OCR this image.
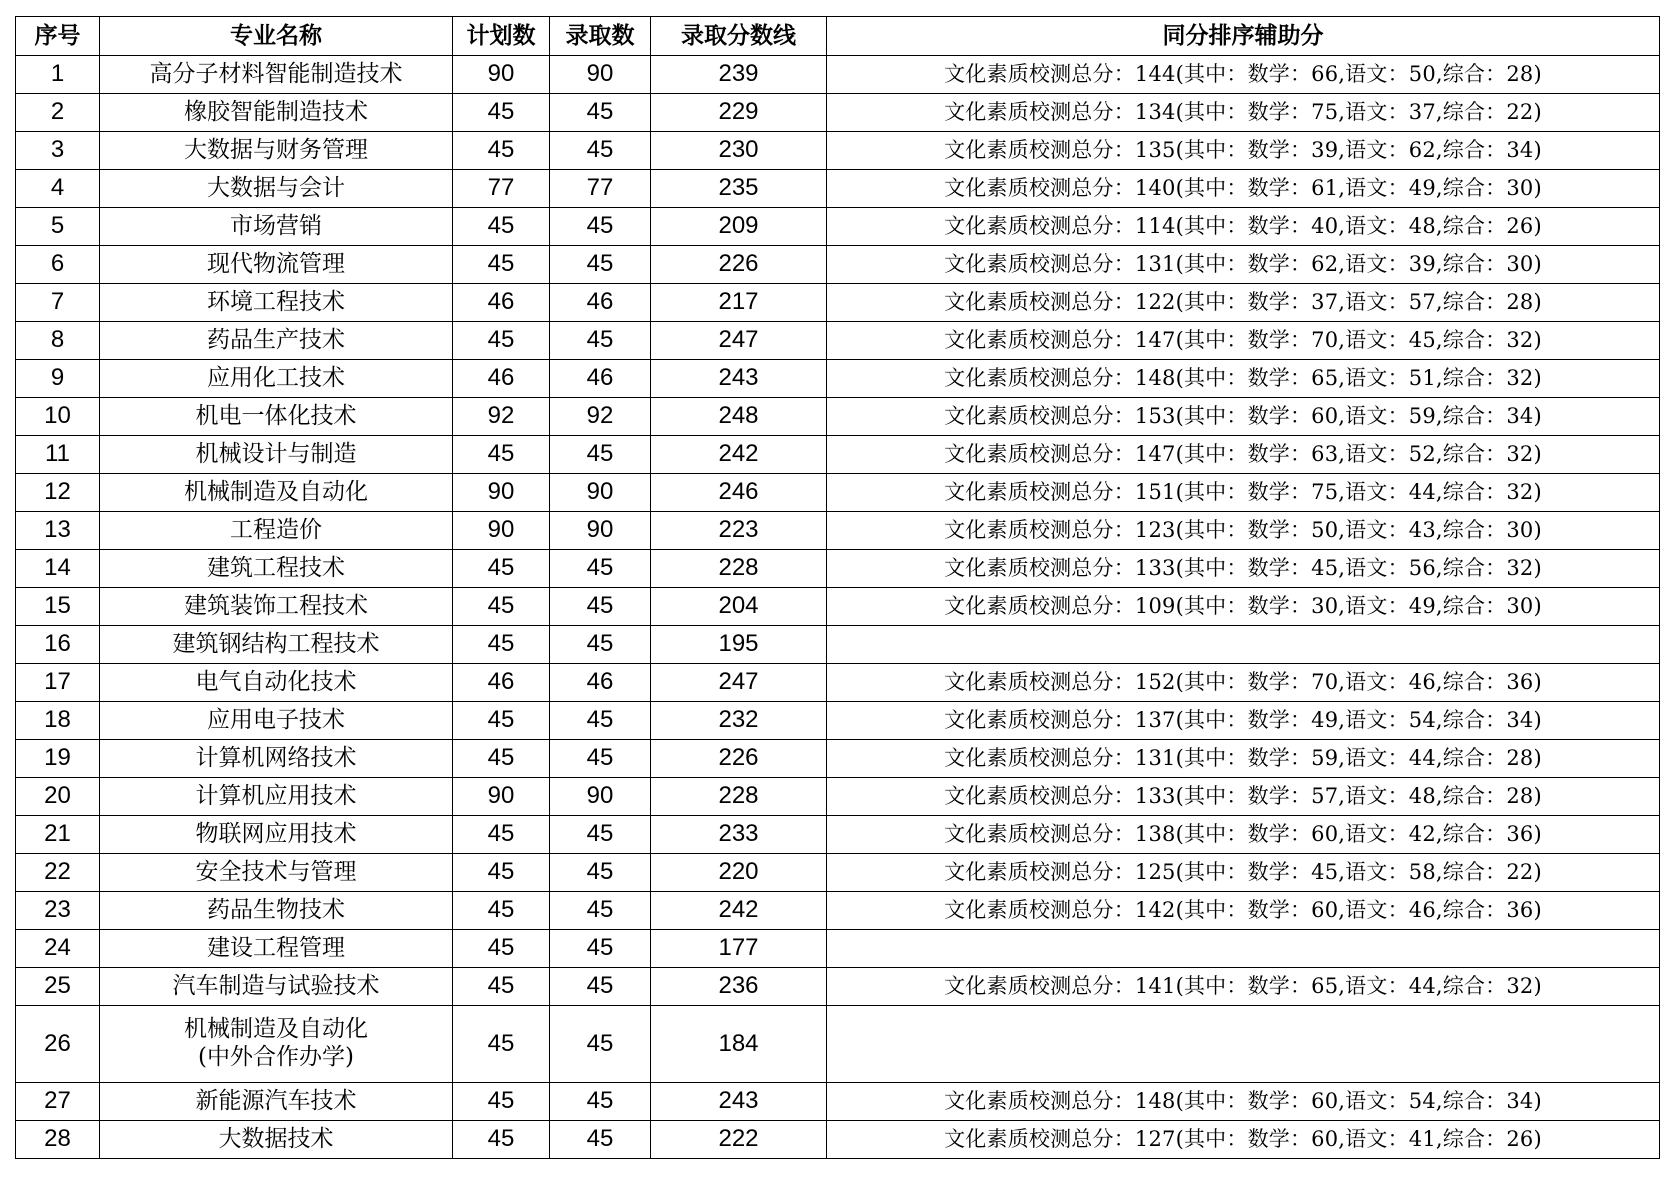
序号	专业名称	计划数	录取数	录取分数线	同分排序辅助分
1	高分子材料智能制造技术	90	90	239	文化素质校测总分：144(其中：数学：66,语文：50,综合：28)
2	橡胶智能制造技术	45	45	229	文化素质校测总分：134(其中：数学：75,语文：37,综合：22)
3	大数据与财务管理	45	45	230	文化素质校测总分：135(其中：数学：39,语文：62,综合：34)
4	大数据与会计	77	77	235	文化素质校测总分：140(其中：数学：61,语文：49,综合：30)
5	市场营销	45	45	209	文化素质校测总分：114(其中：数学：40,语文：48,综合：26)
6	现代物流管理	45	45	226	文化素质校测总分：131(其中：数学：62,语文：39,综合：30)
7	环境工程技术	46	46	217	文化素质校测总分：122(其中：数学：37,语文：57,综合：28)
8	药品生产技术	45	45	247	文化素质校测总分：147(其中：数学：70,语文：45,综合：32)
9	应用化工技术	46	46	243	文化素质校测总分：148(其中：数学：65,语文：51,综合：32)
10	机电一体化技术	92	92	248	文化素质校测总分：153(其中：数学：60,语文：59,综合：34)
11	机械设计与制造	45	45	242	文化素质校测总分：147(其中：数学：63,语文：52,综合：32)
12	机械制造及自动化	90	90	246	文化素质校测总分：151(其中：数学：75,语文：44,综合：32)
13	工程造价	90	90	223	文化素质校测总分：123(其中：数学：50,语文：43,综合：30)
14	建筑工程技术	45	45	228	文化素质校测总分：133(其中：数学：45,语文：56,综合：32)
15	建筑装饰工程技术	45	45	204	文化素质校测总分：109(其中：数学：30,语文：49,综合：30)
16	建筑钢结构工程技术	45	45	195	
17	电气自动化技术	46	46	247	文化素质校测总分：152(其中：数学：70,语文：46,综合：36)
18	应用电子技术	45	45	232	文化素质校测总分：137(其中：数学：49,语文：54,综合：34)
19	计算机网络技术	45	45	226	文化素质校测总分：131(其中：数学：59,语文：44,综合：28)
20	计算机应用技术	90	90	228	文化素质校测总分：133(其中：数学：57,语文：48,综合：28)
21	物联网应用技术	45	45	233	文化素质校测总分：138(其中：数学：60,语文：42,综合：36)
22	安全技术与管理	45	45	220	文化素质校测总分：125(其中：数学：45,语文：58,综合：22)
23	药品生物技术	45	45	242	文化素质校测总分：142(其中：数学：60,语文：46,综合：36)
24	建设工程管理	45	45	177	
25	汽车制造与试验技术	45	45	236	文化素质校测总分：141(其中：数学：65,语文：44,综合：32)
26	机械制造及自动化
(中外合作办学)	45	45	184	
27	新能源汽车技术	45	45	243	文化素质校测总分：148(其中：数学：60,语文：54,综合：34)
28	大数据技术	45	45	222	文化素质校测总分：127(其中：数学：60,语文：41,综合：26)
